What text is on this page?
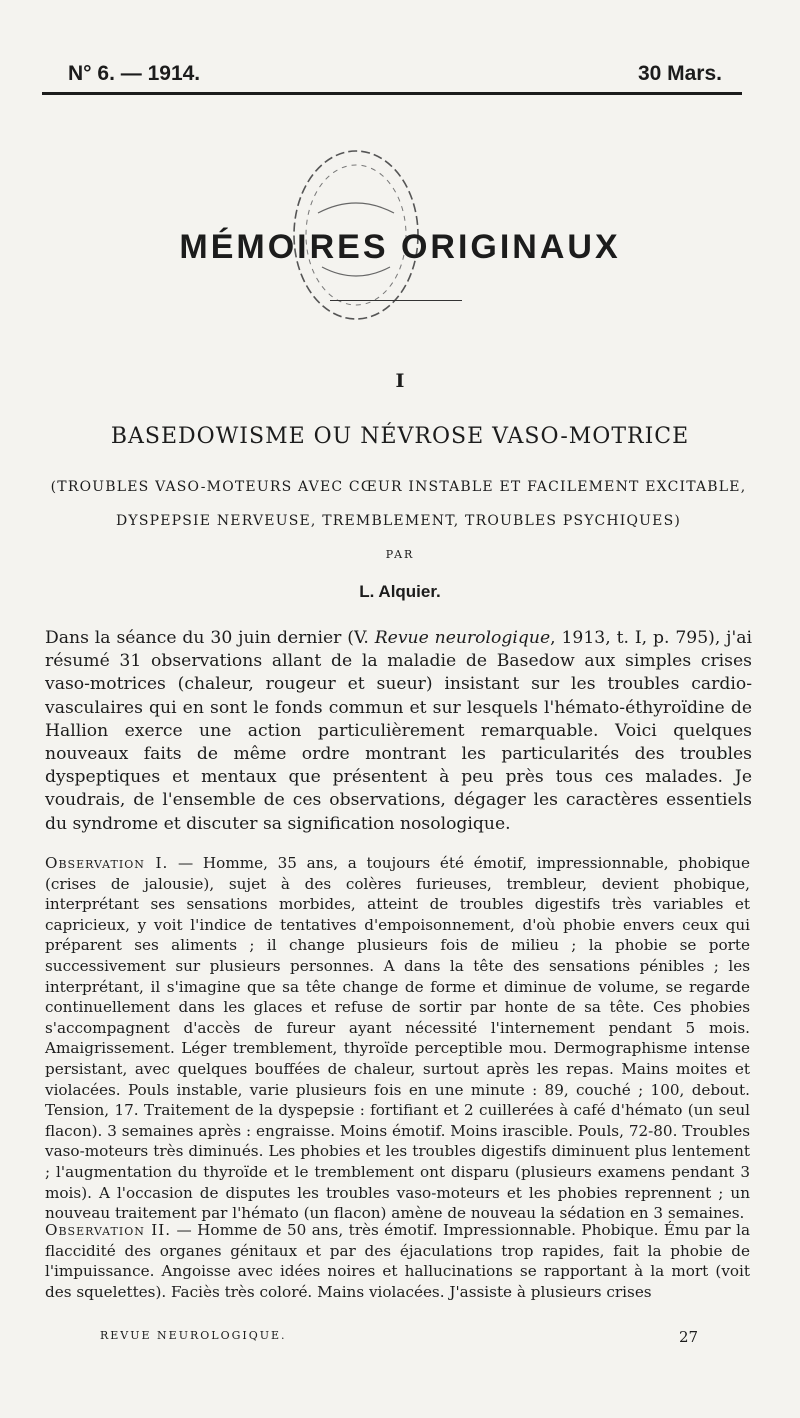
N° 6. — 1914.	30 Mars.
MÉMOIRES ORIGINAUX
I
BASEDOWISME OU NÉVROSE VASO-MOTRICE
(TROUBLES VASO-MOTEURS AVEC CŒUR INSTABLE ET FACILEMENT EXCITABLE, DYSPEPSIE NERVEUSE, TREMBLEMENT, TROUBLES PSYCHIQUES)
PAR
L. Alquier.
Dans la séance du 30 juin dernier (V. Revue neurologique, 1913, t. I, p. 795), j'ai résumé 31 observations allant de la maladie de Basedow aux simples crises vaso-motrices (chaleur, rougeur et sueur) insistant sur les troubles cardio-vasculaires qui en sont le fonds commun et sur lesquels l'hémato-éthyroïdine de Hallion exerce une action particulièrement remarquable. Voici quelques nouveaux faits de même ordre montrant les particularités des troubles dyspeptiques et mentaux que présentent à peu près tous ces malades. Je voudrais, de l'ensemble de ces observations, dégager les caractères essentiels du syndrome et discuter sa signification nosologique.
Observation I. — Homme, 35 ans, a toujours été émotif, impressionnable, phobique (crises de jalousie), sujet à des colères furieuses, trembleur, devient phobique, interprétant ses sensations morbides, atteint de troubles digestifs très variables et capricieux, y voit l'indice de tentatives d'empoisonnement, d'où phobie envers ceux qui préparent ses aliments ; il change plusieurs fois de milieu ; la phobie se porte successivement sur plusieurs personnes. A dans la tête des sensations pénibles ; les interprétant, il s'imagine que sa tête change de forme et diminue de volume, se regarde continuellement dans les glaces et refuse de sortir par honte de sa tête. Ces phobies s'accompagnent d'accès de fureur ayant nécessité l'internement pendant 5 mois. Amaigrissement. Léger tremblement, thyroïde perceptible mou. Dermographisme intense persistant, avec quelques bouffées de chaleur, surtout après les repas. Mains moites et violacées. Pouls instable, varie plusieurs fois en une minute : 89, couché ; 100, debout. Tension, 17. Traitement de la dyspepsie : fortifiant et 2 cuillerées à café d'hémato (un seul flacon). 3 semaines après : engraisse. Moins émotif. Moins irascible. Pouls, 72-80. Troubles vaso-moteurs très diminués. Les phobies et les troubles digestifs diminuent plus lentement ; l'augmentation du thyroïde et le tremblement ont disparu (plusieurs examens pendant 3 mois). A l'occasion de disputes les troubles vaso-moteurs et les phobies reprennent ; un nouveau traitement par l'hémato (un flacon) amène de nouveau la sédation en 3 semaines.
Observation II. — Homme de 50 ans, très émotif. Impressionnable. Phobique. Ému par la flaccidité des organes génitaux et par des éjaculations trop rapides, fait la phobie de l'impuissance. Angoisse avec idées noires et hallucinations se rapportant à la mort (voit des squelettes). Faciès très coloré. Mains violacées. J'assiste à plusieurs crises
REVUE NEUROLOGIQUE.	27
